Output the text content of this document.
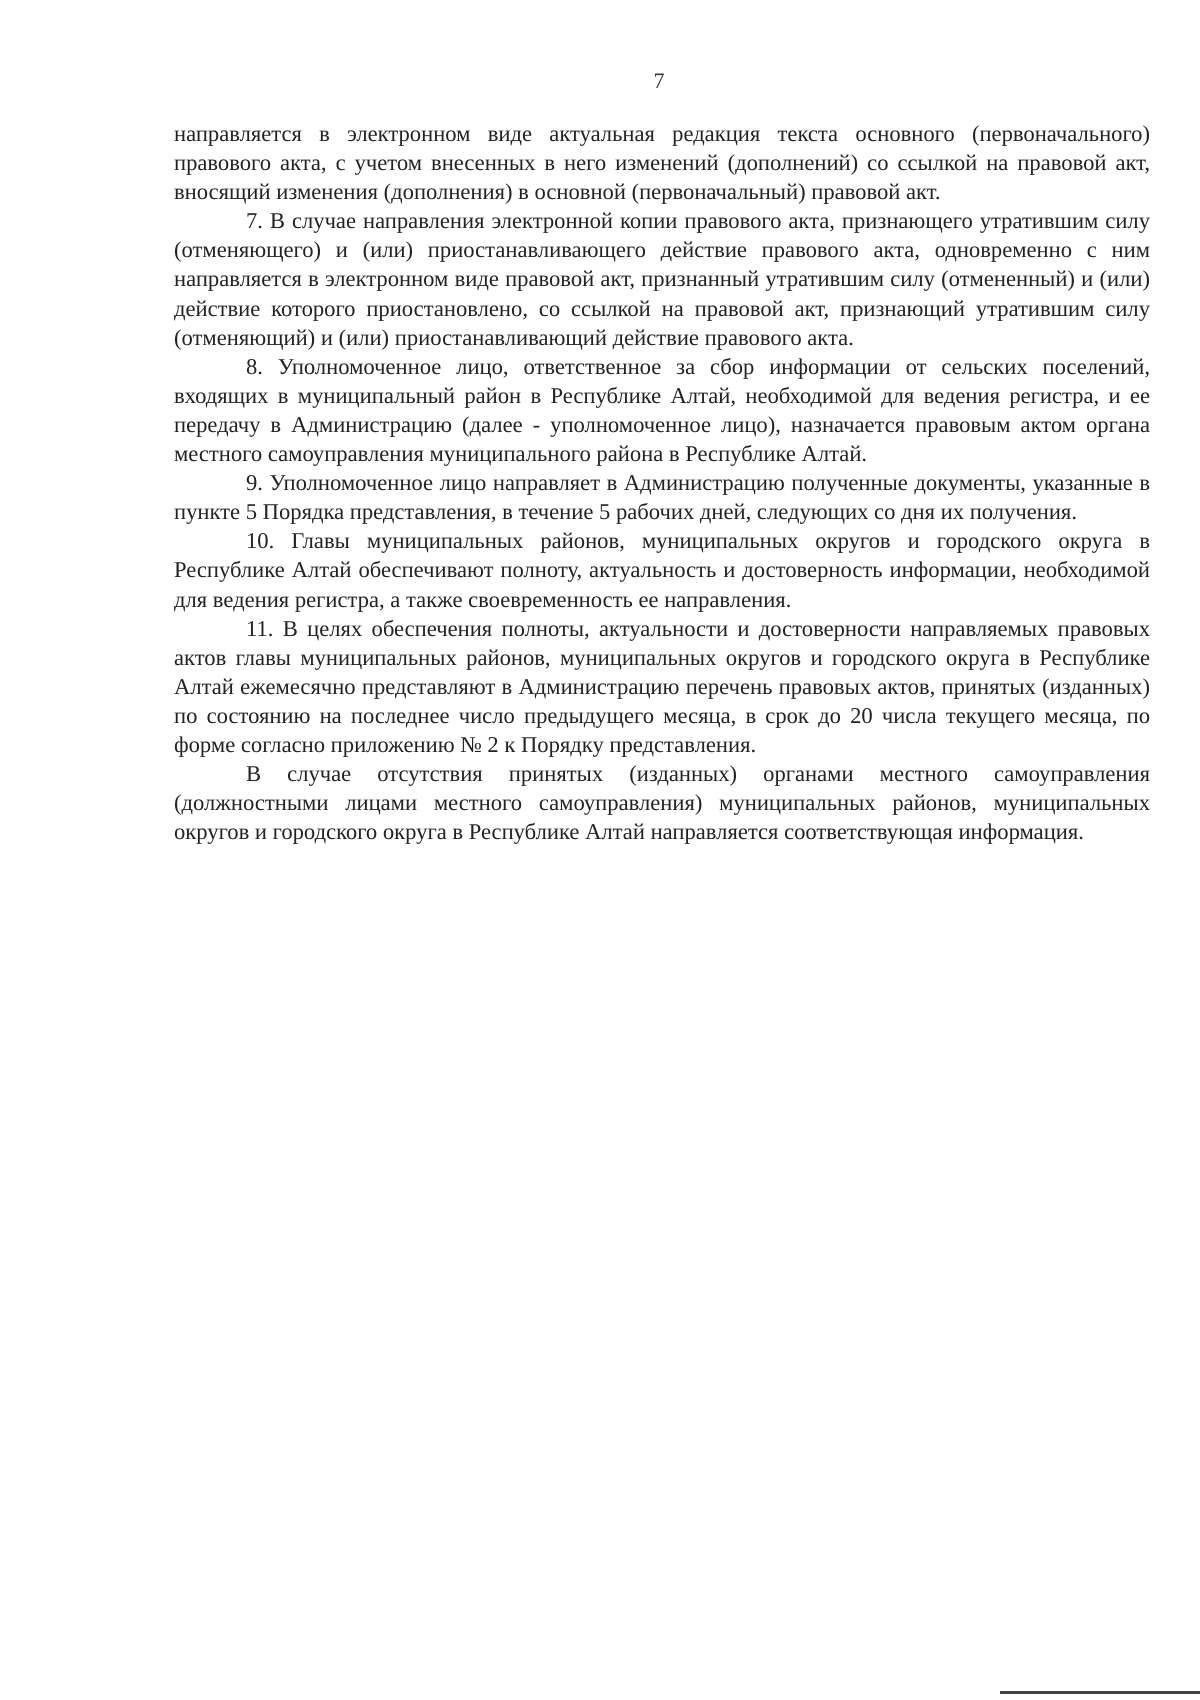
7

направляется в электронном виде актуальная редакция текста основного (первоначального) правового акта, с учетом внесенных в него изменений (дополнений) со ссылкой на правовой акт, вносящий изменения (дополнения) в основной (первоначальный) правовой акт.

7. В случае направления электронной копии правового акта, признающего утратившим силу (отменяющего) и (или) приостанавливающего действие правового акта, одновременно с ним направляется в электронном виде правовой акт, признанный утратившим силу (отмененный) и (или) действие которого приостановлено, со ссылкой на правовой акт, признающий утратившим силу (отменяющий) и (или) приостанавливающий действие правового акта.

8. Уполномоченное лицо, ответственное за сбор информации от сельских поселений, входящих в муниципальный район в Республике Алтай, необходимой для ведения регистра, и ее передачу в Администрацию (далее - уполномоченное лицо), назначается правовым актом органа местного самоуправления муниципального района в Республике Алтай.

9. Уполномоченное лицо направляет в Администрацию полученные документы, указанные в пункте 5 Порядка представления, в течение 5 рабочих дней, следующих со дня их получения.

10. Главы муниципальных районов, муниципальных округов и городского округа в Республике Алтай обеспечивают полноту, актуальность и достоверность информации, необходимой для ведения регистра, а также своевременность ее направления.

11. В целях обеспечения полноты, актуальности и достоверности направляемых правовых актов главы муниципальных районов, муниципальных округов и городского округа в Республике Алтай ежемесячно представляют в Администрацию перечень правовых актов, принятых (изданных) по состоянию на последнее число предыдущего месяца, в срок до 20 числа текущего месяца, по форме согласно приложению № 2 к Порядку представления.

В случае отсутствия принятых (изданных) органами местного самоуправления (должностными лицами местного самоуправления) муниципальных районов, муниципальных округов и городского округа в Республике Алтай направляется соответствующая информация.
